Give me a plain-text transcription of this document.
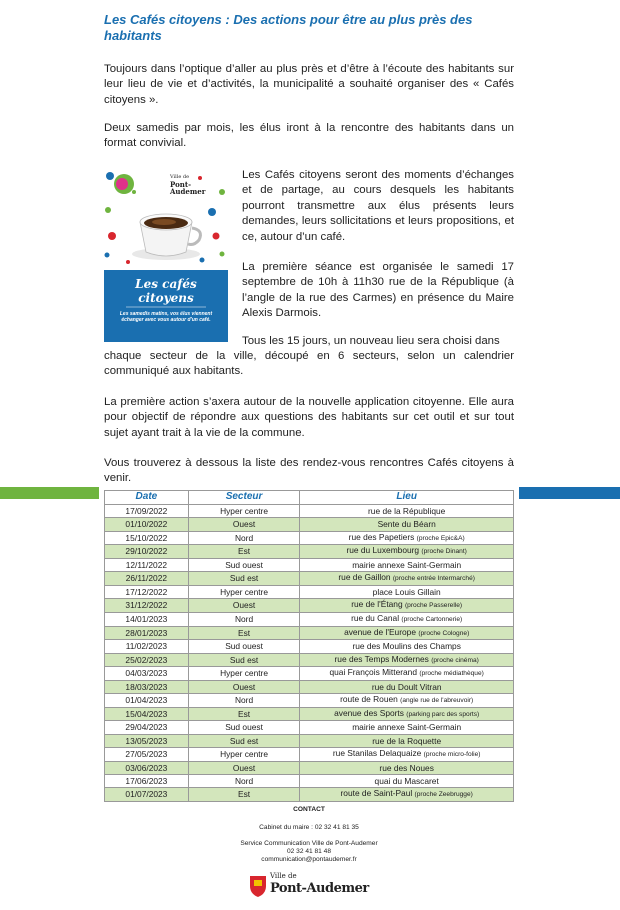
Les Cafés citoyens : Des actions pour être au plus près des habitants

Toujours dans l’optique d’aller au plus près et d’être à l’écoute des habitants sur leur lieu de vie et d’activités, la municipalité a souhaité organiser des « Cafés citoyens ».

Deux samedis par mois, les élus iront à la rencontre des habitants dans un format convivial.

Les cafés
citoyens
Ville de
Pont-Audemer
Les samedis matins, vos élus viennent échanger avec vous autour d'un café.

Les Cafés citoyens seront des moments d’échanges et de partage, au cours desquels les habitants pourront transmettre aux élus présents leurs demandes, leurs sollicitations et leurs propositions, et ce, autour d’un café.

La première séance est organisée le samedi 17 septembre de 10h à 11h30 rue de la République (à l’angle de la rue des Carmes) en présence du Maire Alexis Darmois.

Tous les 15 jours, un nouveau lieu sera choisi dans

chaque secteur de la ville, découpé en 6 secteurs, selon un calendrier communiqué aux habitants.

La première action s’axera autour de la nouvelle application citoyenne. Elle aura pour objectif de répondre aux questions des habitants sur cet outil et sur tout sujet ayant trait à la vie de la commune.

Vous trouverez à dessous la liste des rendez-vous rencontres Cafés citoyens à venir.

Date	Secteur	Lieu
17/09/2022	Hyper centre	rue de la République
01/10/2022	Ouest	Sente du Béarn
15/10/2022	Nord	rue des Papetiers (proche Epic&A)
29/10/2022	Est	rue du Luxembourg (proche Dinant)
12/11/2022	Sud ouest	mairie annexe Saint-Germain
26/11/2022	Sud est	rue de Gaillon (proche entrée Intermarché)
17/12/2022	Hyper centre	place Louis Gillain
31/12/2022	Ouest	rue de l'Étang (proche Passerelle)
14/01/2023	Nord	rue du Canal (proche Cartonnerie)
28/01/2023	Est	avenue de l'Europe (proche Cologne)
11/02/2023	Sud ouest	rue des Moulins des Champs
25/02/2023	Sud est	rue des Temps Modernes (proche cinéma)
04/03/2023	Hyper centre	quai François Mitterand (proche médiathèque)
18/03/2023	Ouest	rue du Doult Vitran
01/04/2023	Nord	route de Rouen (angle rue de l'abreuvoir)
15/04/2023	Est	avenue des Sports (parking parc des sports)
29/04/2023	Sud ouest	mairie annexe Saint-Germain
13/05/2023	Sud est	rue de la Roquette
27/05/2023	Hyper centre	rue Stanilas Delaquaize (proche micro-folie)
03/06/2023	Ouest	rue des Noues
17/06/2023	Nord	quai du Mascaret
01/07/2023	Est	route de Saint-Paul (proche Zeebrugge)
CONTACT
Cabinet du maire : 02 32 41 81 35
Service Communication Ville de Pont-Audemer
02 32 41 81 48
communication@pontaudemer.fr
Ville de
Pont-Audemer
